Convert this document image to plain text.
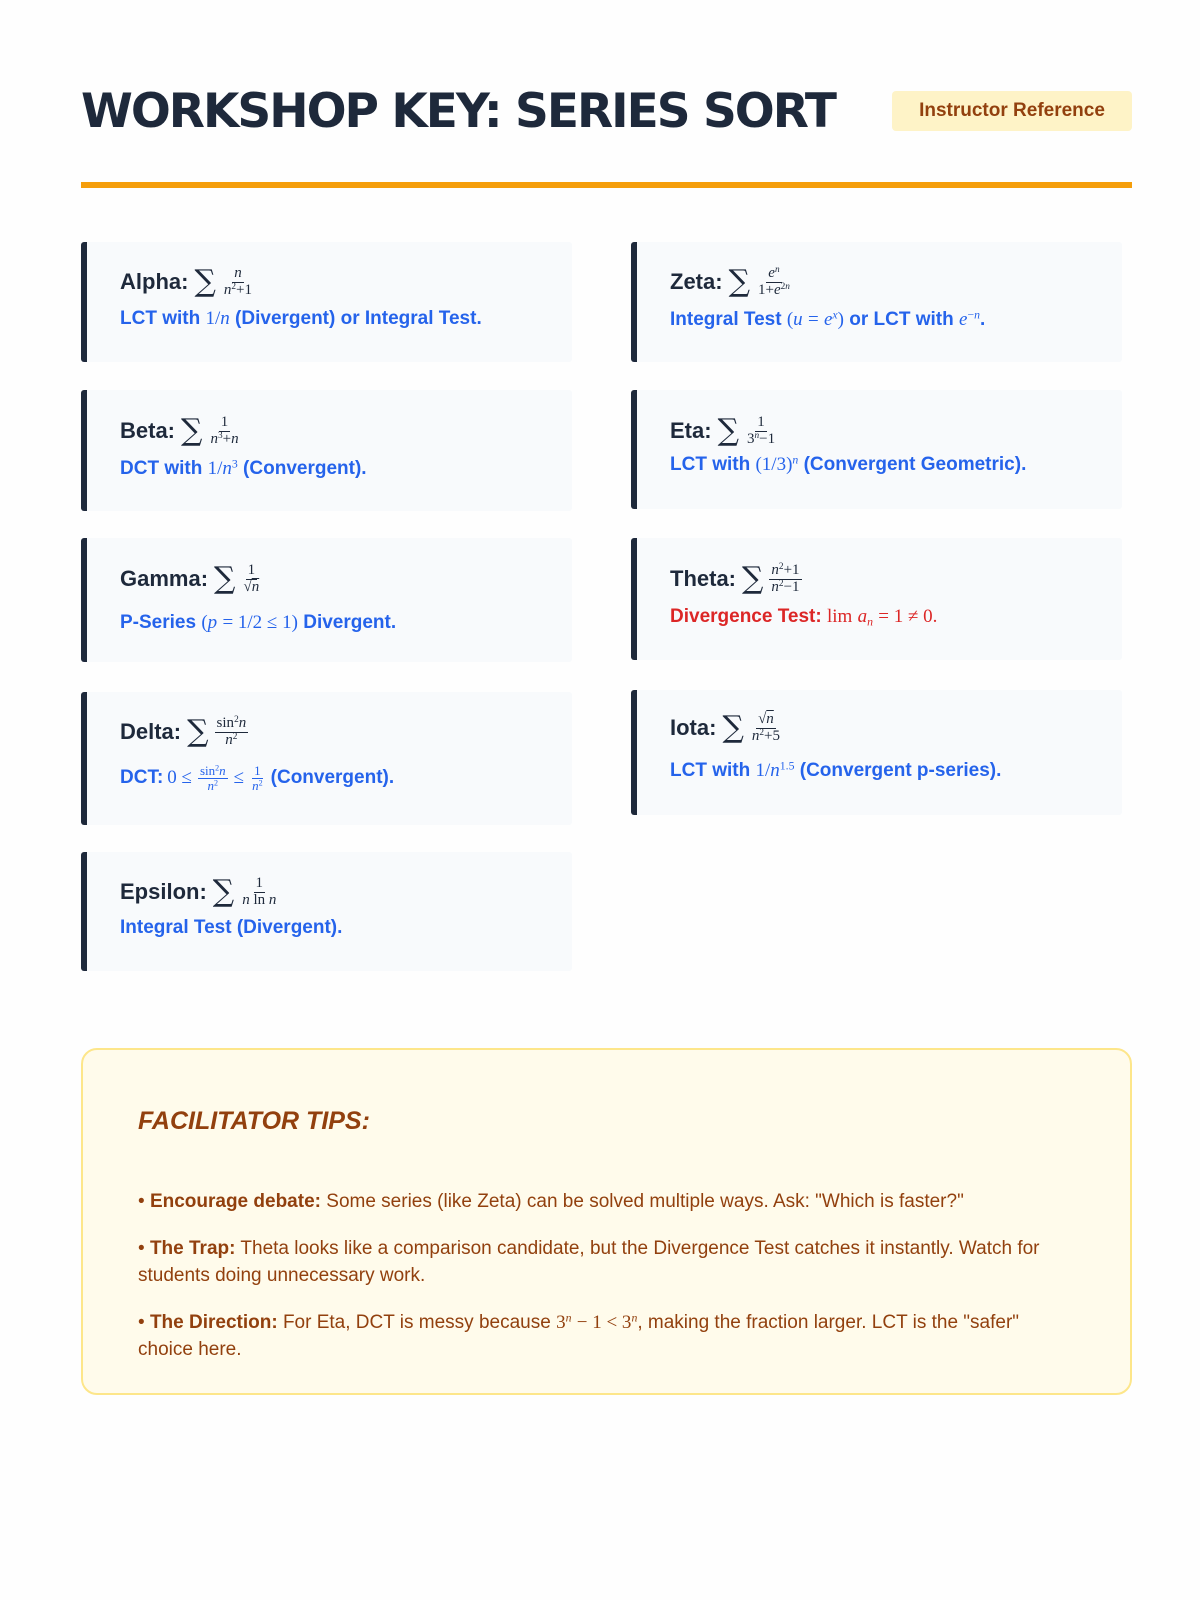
WORKSHOP KEY: SERIES SORT	Instructor Reference
Alpha: ∑ $\frac{n}{n^2+1}$
LCT with 1/n (Divergent) or Integral Test.
Beta: ∑ $\frac{1}{n^3+n}$
DCT with $1/n^3$ (Convergent).
Gamma: ∑ $\frac{1}{√n}$
P-Series (p = 1/2 ≤ 1) Divergent.
Delta: ∑ $\frac{\sin^2n}{n^2}$
DCT: $0 \le \frac{\sin^2n}{n^2} \le \frac{1}{n^2}$ (Convergent).
Epsilon: ∑ $\frac{1}{\text{n ln n}}$
Integral Test (Divergent).
Zeta: ∑ $\frac{e^n}{1+e^{2n}}$
Integral Test $(u = e^x)$ or LCT with $e^{-n}$.
Eta: ∑ $\frac{1}{3^n-1}$
LCT with $(1/3)^n$ (Convergent Geometric).
Theta: ∑ $\frac{n^2+1}{n^2-1}$
Divergence Test: $\lim a_n = 1 \ne 0$.
Iota: ∑ $\frac{√n}{n^2+5}$
LCT with $1/n^{1.5}$ (Convergent p-series).
FACILITATOR TIPS:
• Encourage debate: Some series (like Zeta) can be solved multiple ways. Ask: "Which is faster?"
• The Trap: Theta looks like a comparison candidate, but the Divergence Test catches it instantly. Watch for students doing unnecessary work.
• The Direction: For Eta, DCT is messy because $3^n - 1 < 3^n$, making the fraction larger. LCT is the "safer" choice here.
